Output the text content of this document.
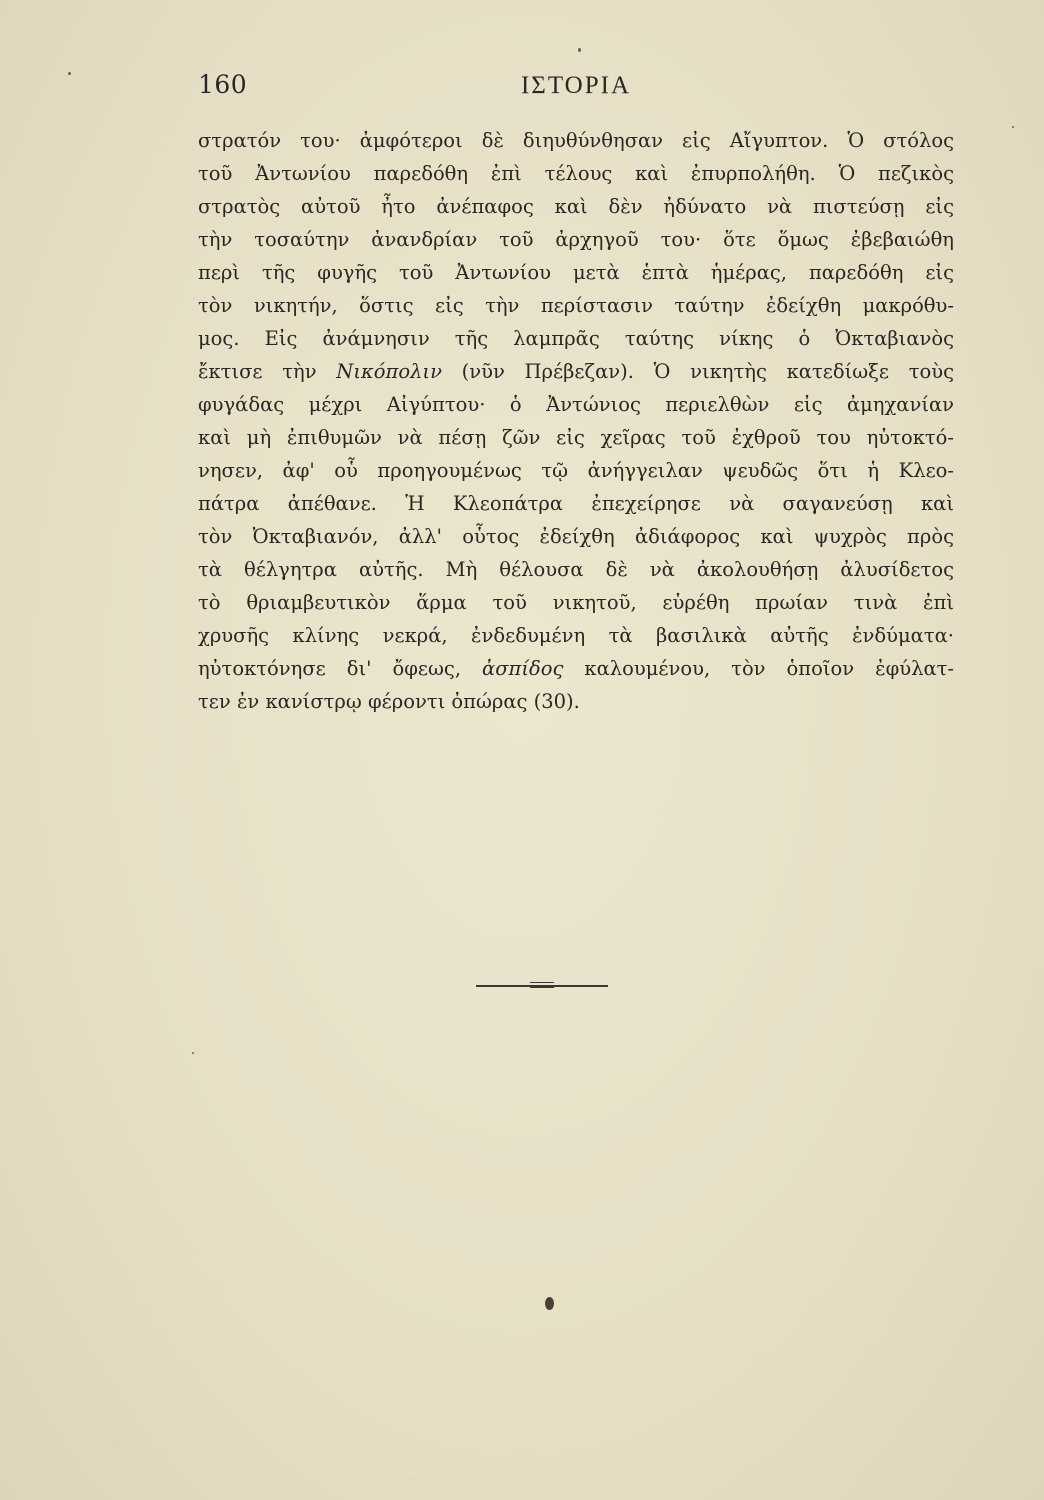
160	ΙΣΤΟΡΙΑ
στρατόν του· ἀμφότεροι δὲ διηυθύνθησαν εἰς Αἴγυπτον. Ὁ στόλος
τοῦ Ἀντωνίου παρεδόθη ἐπὶ τέλους καὶ ἐπυρπολήθη. Ὁ πεζικὸς
στρατὸς αὐτοῦ ἦτο ἀνέπαφος καὶ δὲν ἠδύνατο νὰ πιστεύσῃ εἰς
τὴν τοσαύτην ἀνανδρίαν τοῦ ἀρχηγοῦ του· ὅτε ὅμως ἐβεβαιώθη
περὶ τῆς φυγῆς τοῦ Ἀντωνίου μετὰ ἑπτὰ ἡμέρας, παρεδόθη εἰς
τὸν νικητήν, ὅστις εἰς τὴν περίστασιν ταύτην ἐδείχθη μακρόθυ-
μος. Εἰς ἀνάμνησιν τῆς λαμπρᾶς ταύτης νίκης ὁ Ὀκταβιανὸς
ἔκτισε τὴν Νικόπολιν (νῦν Πρέβεζαν). Ὁ νικητὴς κατεδίωξε τοὺς
φυγάδας μέχρι Αἰγύπτου· ὁ Ἀντώνιος περιελθὼν εἰς ἀμηχανίαν
καὶ μὴ ἐπιθυμῶν νὰ πέσῃ ζῶν εἰς χεῖρας τοῦ ἐχθροῦ του ηὐτοκτό-
νησεν, ἀφ' οὗ προηγουμένως τῷ ἀνήγγειλαν ψευδῶς ὅτι ἡ Κλεο-
πάτρα ἀπέθανε. Ἡ Κλεοπάτρα ἐπεχείρησε νὰ σαγανεύσῃ καὶ
τὸν Ὀκταβιανόν, ἀλλ' οὗτος ἐδείχθη ἀδιάφορος καὶ ψυχρὸς πρὸς
τὰ θέλγητρα αὐτῆς. Μὴ θέλουσα δὲ νὰ ἀκολουθήσῃ ἀλυσίδετος
τὸ θριαμβευτικὸν ἅρμα τοῦ νικητοῦ, εὑρέθη πρωίαν τινὰ ἐπὶ
χρυσῆς κλίνης νεκρά, ἐνδεδυμένη τὰ βασιλικὰ αὐτῆς ἐνδύματα·
ηὐτοκτόνησε δι' ὄφεως, ἀσπίδος καλουμένου, τὸν ὁποῖον ἐφύλατ-
τεν ἐν κανίστρῳ φέροντι ὀπώρας (30).
